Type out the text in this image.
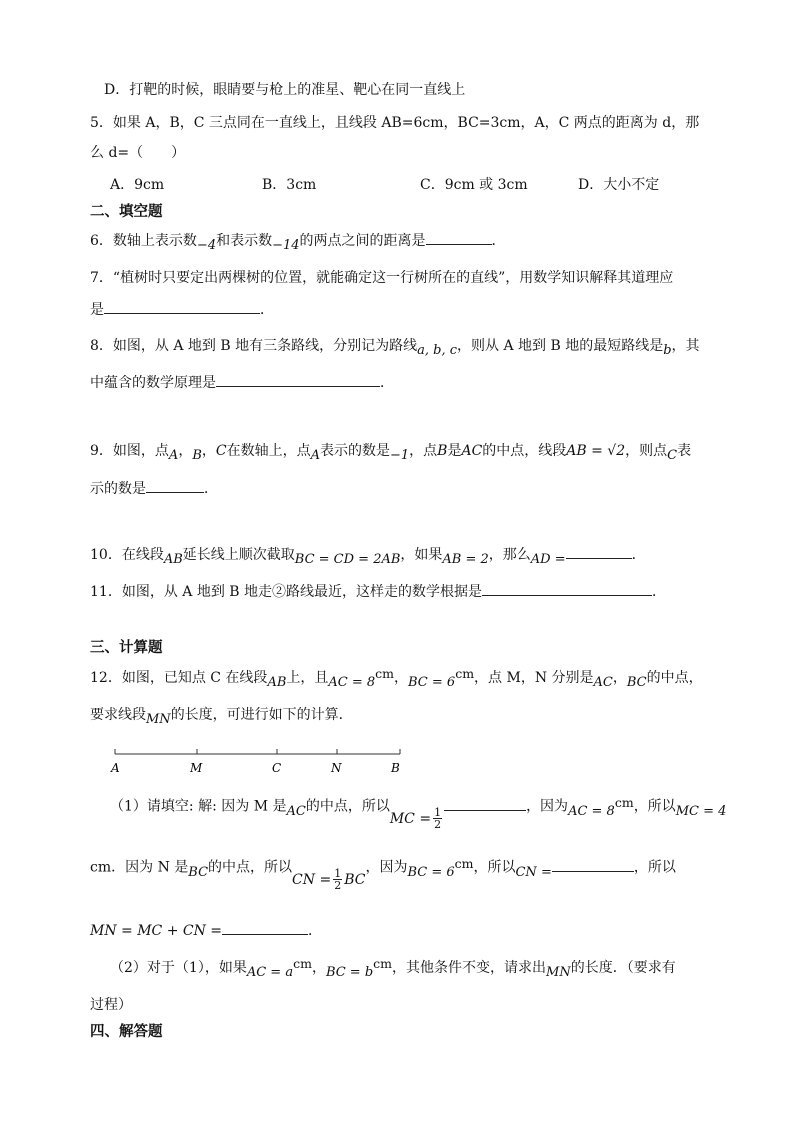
D．打靶的时候，眼睛要与枪上的准星、靶心在同一直线上
5．如果 A，B，C 三点同在一直线上，且线段 AB=6cm，BC=3cm，A，C 两点的距离为 d，那
么 d=（　　）
A．9cm	B．3cm	C．9cm 或 3cm	D．大小不定
二、填空题
6．数轴上表示数−4和表示数−14的两点之间的距离是	．
7．“植树时只要定出两棵树的位置，就能确定这一行树所在的直线”，用数学知识解释其道理应
是	．
8．如图，从 A 地到 B 地有三条路线，分别记为路线a, b, c，则从 A 地到 B 地的最短路线是b，其
中蕴含的数学原理是	．
9．如图，点A，B，C在数轴上，点A表示的数是−1，点B是AC的中点，线段AB = √2，则点C表
示的数是	．
10．在线段AB延长线上顺次截取BC = CD = 2AB，如果AB = 2，那么AD =	．
11．如图，从 A 地到 B 地走②路线最近，这样走的数学根据是	．
三、计算题
12．如图，已知点 C 在线段AB上，且AC = 8cm，BC = 6cm，点 M，N 分别是AC，BC的中点，
要求线段MN的长度，可进行如下的计算．
A	M	C	N	B
（1）请填空: 解: 因为 M 是AC的中点，所以MC = $\frac{1}{2}$
，因为AC = 8cm，所以MC = 4
cm．因为 N 是BC的中点，所以CN = $\frac{1}{2}$ BC，因为BC = 6cm，所以CN =	，所以
MN = MC + CN =	．
（2）对于（1），如果AC = acm，BC = bcm，其他条件不变，请求出MN的长度．（要求有
过程）
四、解答题
